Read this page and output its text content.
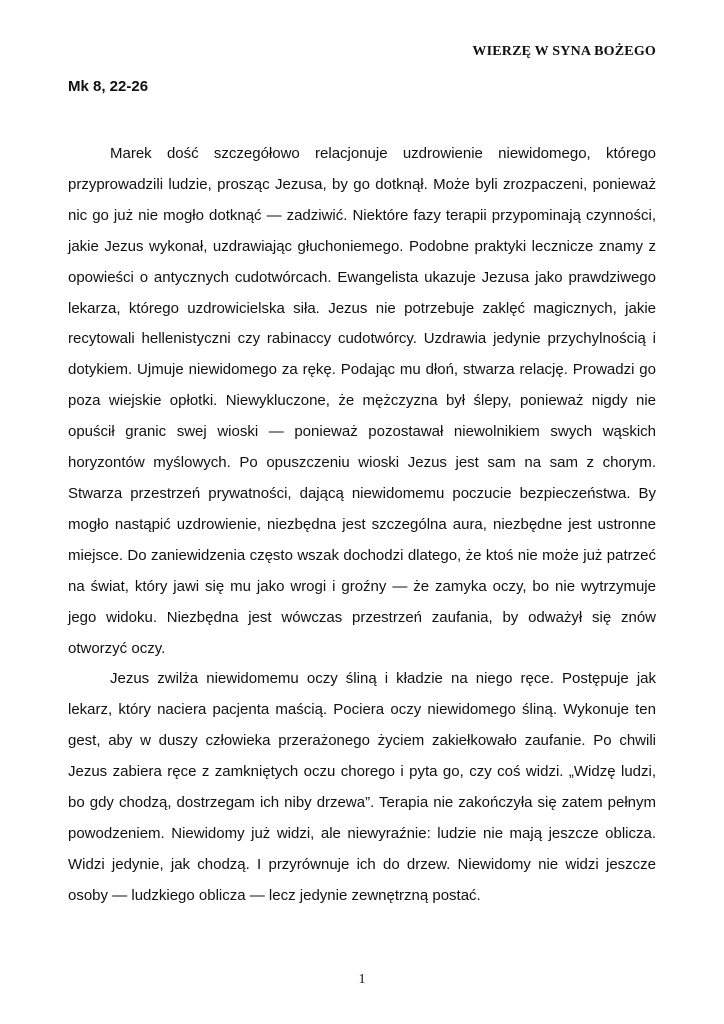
WIERZĘ W SYNA BOŻEGO
Mk 8, 22-26

Marek dość szczegółowo relacjonuje uzdrowienie niewidomego, którego przyprowadzili ludzie, prosząc Jezusa, by go dotknął. Może byli zrozpaczeni, ponieważ nic go już nie mogło dotknąć — zadziwić. Niektóre fazy terapii przypominają czynności, jakie Jezus wykonał, uzdrawiając głuchoniemego. Podobne praktyki lecznicze znamy z opowieści o antycznych cudotwórcach. Ewangelista ukazuje Jezusa jako prawdziwego lekarza, którego uzdrowicielska siła. Jezus nie potrzebuje zaklęć magicznych, jakie recytowali hellenistyczni czy rabinaccy cudotwórcy. Uzdrawia jedynie przychylnością i dotykiem. Ujmuje niewidomego za rękę. Podając mu dłoń, stwarza relację. Prowadzi go poza wiejskie opłotki. Niewykluczone, że mężczyzna był ślepy, ponieważ nigdy nie opuścił granic swej wioski — ponieważ pozostawał niewolnikiem swych wąskich horyzontów myślowych. Po opuszczeniu wioski Jezus jest sam na sam z chorym. Stwarza przestrzeń prywatności, dającą niewidomemu poczucie bezpieczeństwa. By mogło nastąpić uzdrowienie, niezbędna jest szczególna aura, niezbędne jest ustronne miejsce. Do zaniewidzenia często wszak dochodzi dlatego, że ktoś nie może już patrzeć na świat, który jawi się mu jako wrogi i groźny — że zamyka oczy, bo nie wytrzymuje jego widoku. Niezbędna jest wówczas przestrzeń zaufania, by odważył się znów otworzyć oczy.

Jezus zwilża niewidomemu oczy śliną i kładzie na niego ręce. Postępuje jak lekarz, który naciera pacjenta maścią. Pociera oczy niewidomego śliną. Wykonuje ten gest, aby w duszy człowieka przerażonego życiem zakiełkowało zaufanie. Po chwili Jezus zabiera ręce z zamkniętych oczu chorego i pyta go, czy coś widzi. „Widzę ludzi, bo gdy chodzą, dostrzegam ich niby drzewa”. Terapia nie zakończyła się zatem pełnym powodzeniem. Niewidomy już widzi, ale niewyraźnie: ludzie nie mają jeszcze oblicza. Widzi jedynie, jak chodzą. I przyrównuje ich do drzew. Niewidomy nie widzi jeszcze osoby — ludzkiego oblicza — lecz jedynie zewnętrzną postać.

1
